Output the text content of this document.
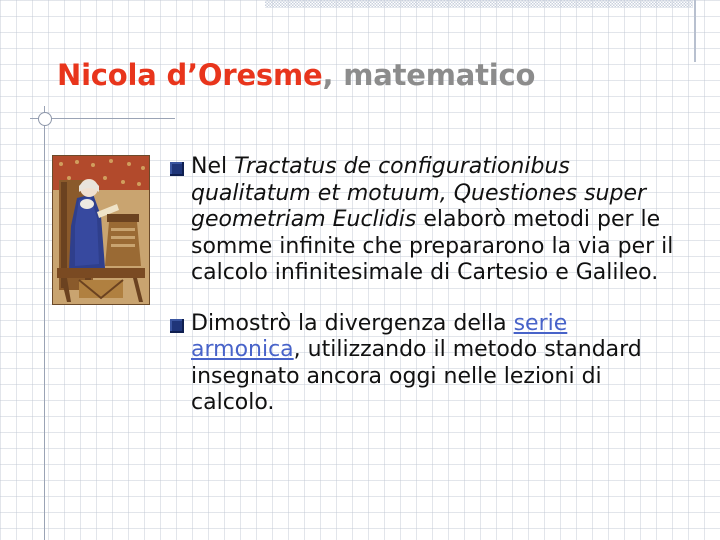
Nicola d’Oresme, matematico

Nel Tractatus de configurationibus qualitatum et motuum, Questiones super geometriam Euclidis elaborò metodi per le somme infinite che prepararono la via per il calcolo infinitesimale di Cartesio e Galileo.

Dimostrò la divergenza della serie armonica, utilizzando il metodo standard insegnato ancora oggi nelle lezioni di calcolo.
